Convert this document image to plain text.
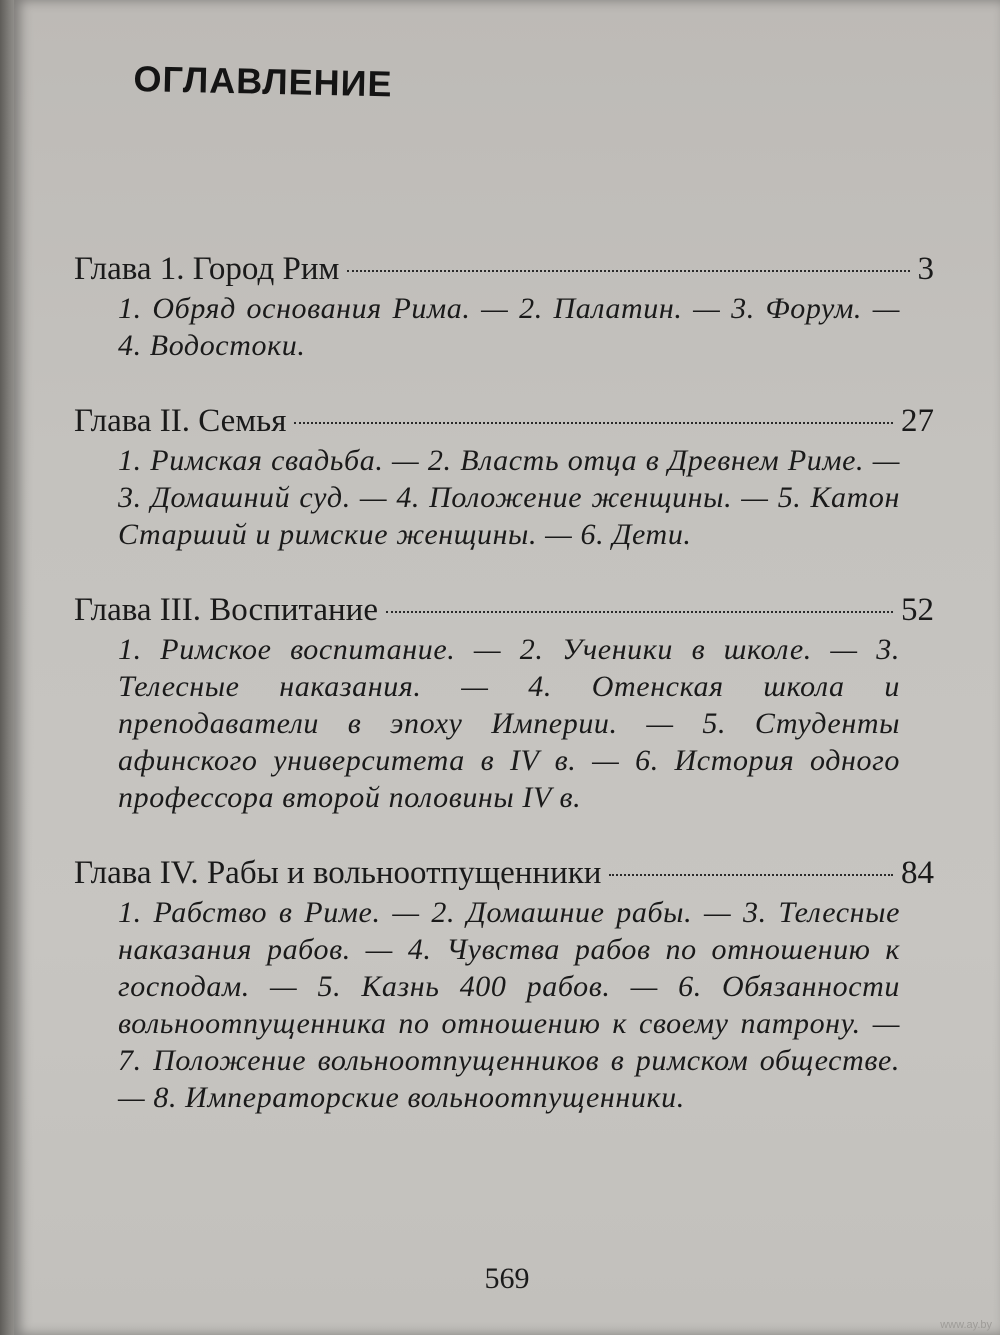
ОГЛАВЛЕНИЕ
Глава 1. Город Рим	3

1. Обряд основания Рима. — 2. Палатин. — 3. Форум. — 4. Водостоки.

Глава II. Семья	27

1. Римская свадьба. — 2. Власть отца в Древнем Риме. — 3. Домашний суд. — 4. Положение женщины. — 5. Катон Старший и римские женщины. — 6. Дети.

Глава III. Воспитание	52

1. Римское воспитание. — 2. Ученики в школе. — 3. Телесные наказания. — 4. Отенская школа и преподаватели в эпоху Империи. — 5. Студенты афинского университета в IV в. — 6. История одного профессора второй половины IV в.

Глава IV. Рабы и вольноотпущенники	84

1. Рабство в Риме. — 2. Домашние рабы. — 3. Телесные наказания рабов. — 4. Чувства рабов по отношению к господам. — 5. Казнь 400 рабов. — 6. Обязанности вольноотпущенника по отношению к своему патрону. — 7. Положение вольноотпущенников в римском обществе. — 8. Императорские вольноотпущенники.

569
www.ay.by
